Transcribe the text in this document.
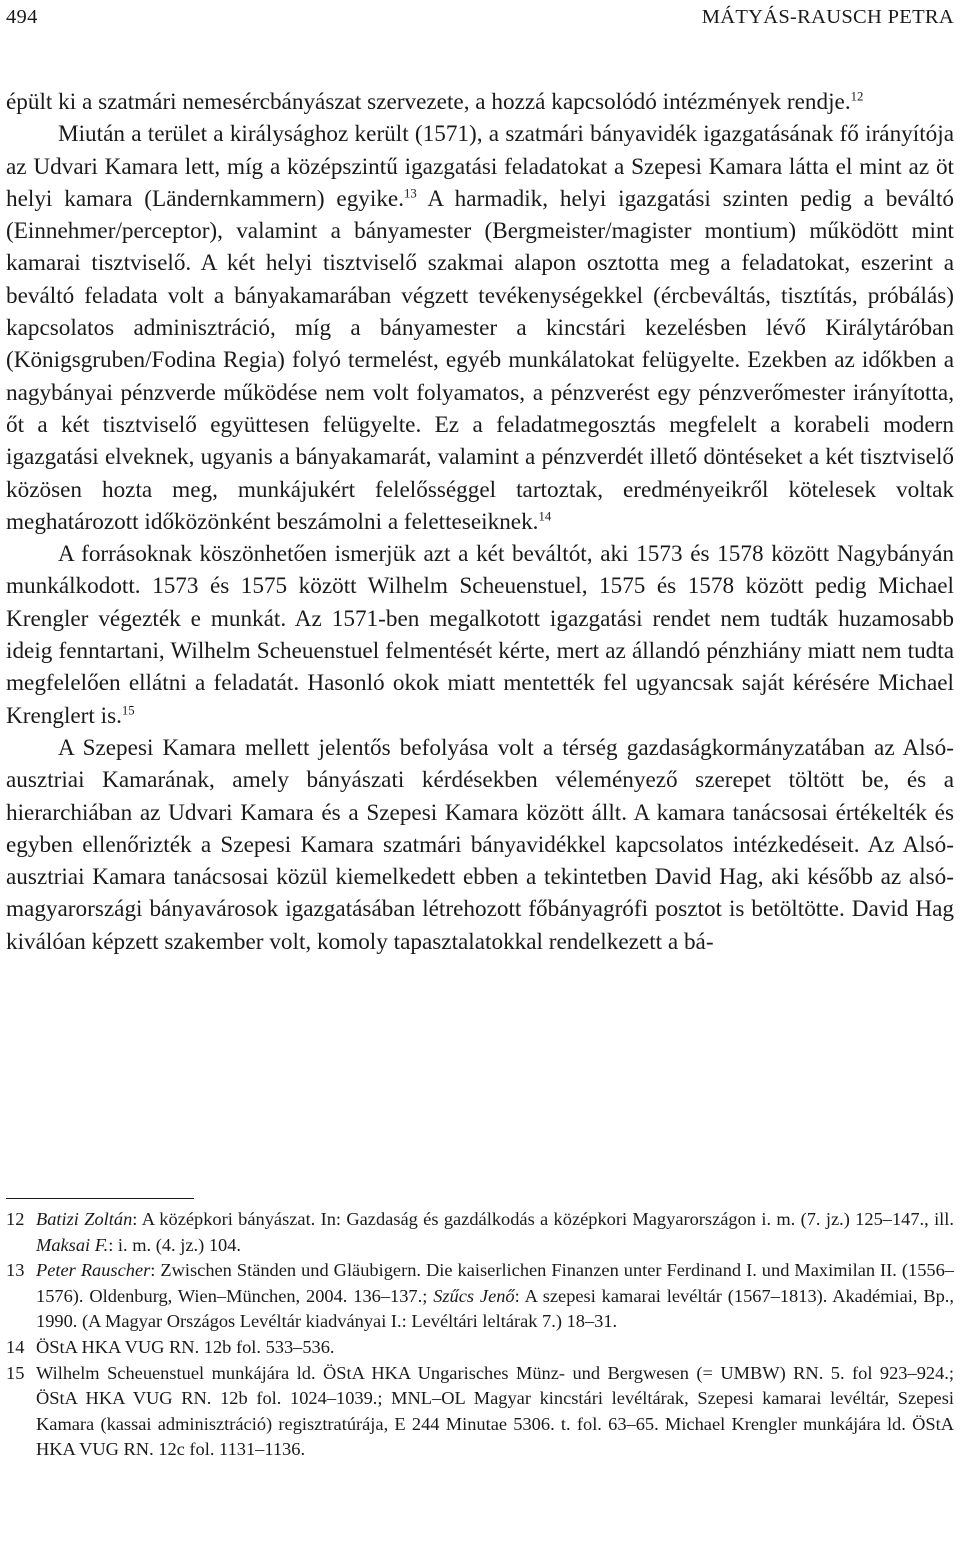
494	MÁTYÁS-RAUSCH PETRA

épült ki a szatmári nemesércbányászat szervezete, a hozzá kapcsolódó intézmények rendje.$^{12}$

Miután a terület a királysághoz került (1571), a szatmári bányavidék igazgatásának fő irányítója az Udvari Kamara lett, míg a középszintű igazgatási feladatokat a Szepesi Kamara látta el mint az öt helyi kamara (Ländernkammern) egyike.$^{13}$ A harmadik, helyi igazgatási szinten pedig a beváltó (Einnehmer/perceptor), valamint a bányamester (Bergmeister/magister montium) működött mint kamarai tisztviselő. A két helyi tisztviselő szakmai alapon osztotta meg a feladatokat, eszerint a beváltó feladata volt a bányakamarában végzett tevékenységekkel (ércbeváltás, tisztítás, próbálás) kapcsolatos adminisztráció, míg a bányamester a kincstári kezelésben lévő Királytáróban (Königsgruben/Fodina Regia) folyó termelést, egyéb munkálatokat felügyelte. Ezekben az időkben a nagybányai pénzverde működése nem volt folyamatos, a pénzverést egy pénzverőmester irányította, őt a két tisztviselő együttesen felügyelte. Ez a feladatmegosztás megfelelt a korabeli modern igazgatási elveknek, ugyanis a bányakamarát, valamint a pénzverdét illető döntéseket a két tisztviselő közösen hozta meg, munkájukért felelősséggel tartoztak, eredményeikről kötelesek voltak meghatározott időközönként beszámolni a feletteseiknek.$^{14}$

A forrásoknak köszönhetően ismerjük azt a két beváltót, aki 1573 és 1578 között Nagybányán munkálkodott. 1573 és 1575 között Wilhelm Scheuenstuel, 1575 és 1578 között pedig Michael Krengler végezték e munkát. Az 1571-ben megalkotott igazgatási rendet nem tudták huzamosabb ideig fenntartani, Wilhelm Scheuenstuel felmentését kérte, mert az állandó pénzhiány miatt nem tudta megfelelően ellátni a feladatát. Hasonló okok miatt mentették fel ugyancsak saját kérésére Michael Krenglert is.$^{15}$

A Szepesi Kamara mellett jelentős befolyása volt a térség gazdaságkormányzatában az Alsó-ausztriai Kamarának, amely bányászati kérdésekben véleményező szerepet töltött be, és a hierarchiában az Udvari Kamara és a Szepesi Kamara között állt. A kamara tanácsosai értékelték és egyben ellenőrizték a Szepesi Kamara szatmári bányavidékkel kapcsolatos intézkedéseit. Az Alsó-ausztriai Kamara tanácsosai közül kiemelkedett ebben a tekintetben David Hag, aki később az alsó-magyarországi bányavárosok igazgatásában létrehozott főbányagrófi posztot is betöltötte. David Hag kiválóan képzett szakember volt, komoly tapasztalatokkal rendelkezett a bá-

12 Batizi Zoltán: A középkori bányászat. In: Gazdaság és gazdálkodás a középkori Magyarországon i. m. (7. jz.) 125–147., ill. Maksai F.: i. m. (4. jz.) 104.
13 Peter Rauscher: Zwischen Ständen und Gläubigern. Die kaiserlichen Finanzen unter Ferdinand I. und Maximilan II. (1556–1576). Oldenburg, Wien–München, 2004. 136–137.; Szűcs Jenő: A szepesi kamarai levéltár (1567–1813). Akadémiai, Bp., 1990. (A Magyar Országos Levéltár kiadványai I.: Levéltári leltárak 7.) 18–31.
14 ÖStA HKA VUG RN. 12b fol. 533–536.
15 Wilhelm Scheuenstuel munkájára ld. ÖStA HKA Ungarisches Münz- und Bergwesen (= UMBW) RN. 5. fol 923–924.; ÖStA HKA VUG RN. 12b fol. 1024–1039.; MNL–OL Magyar kincstári levéltárak, Szepesi kamarai levéltár, Szepesi Kamara (kassai adminisztráció) regisztratúrája, E 244 Minutae 5306. t. fol. 63–65. Michael Krengler munkájára ld. ÖStA HKA VUG RN. 12c fol. 1131–1136.
